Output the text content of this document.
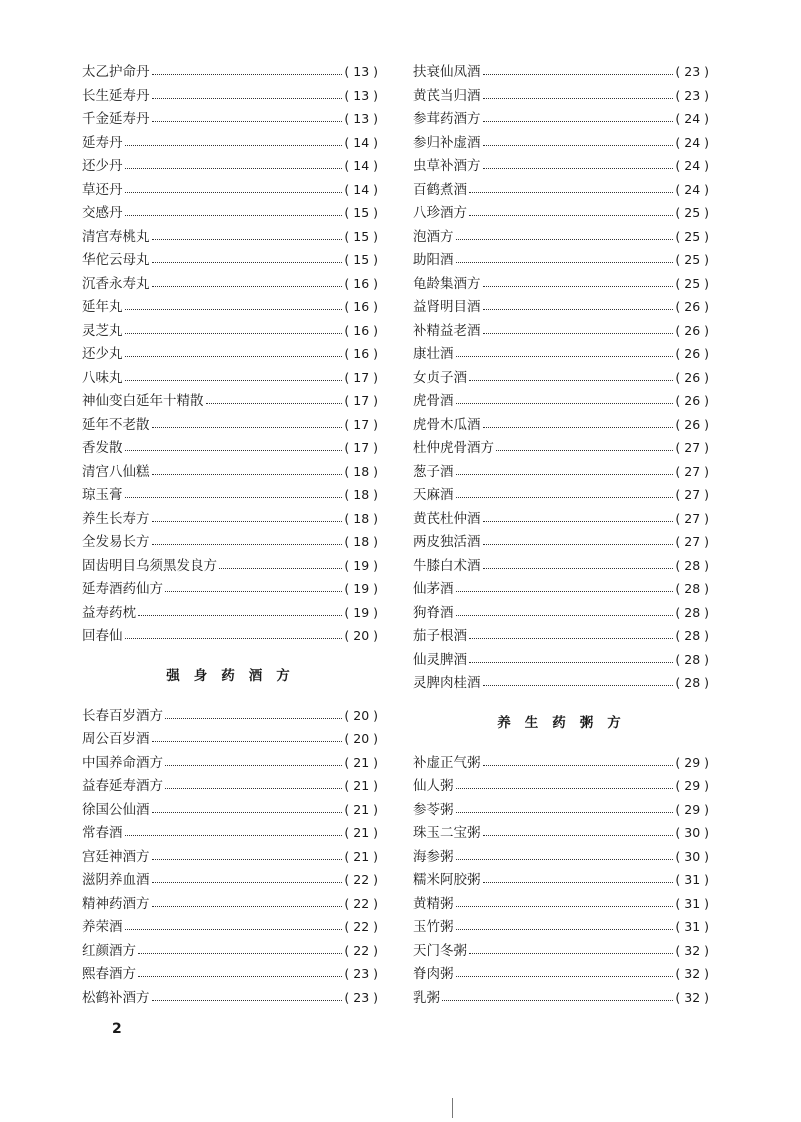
太乙护命丹	( 13 )
长生延寿丹	( 13 )
千金延寿丹	( 13 )
延寿丹	( 14 )
还少丹	( 14 )
草还丹	( 14 )
交感丹	( 15 )
清宫寿桃丸	( 15 )
华佗云母丸	( 15 )
沉香永寿丸	( 16 )
延年丸	( 16 )
灵芝丸	( 16 )
还少丸	( 16 )
八味丸	( 17 )
神仙变白延年十精散	( 17 )
延年不老散	( 17 )
香发散	( 17 )
清宫八仙糕	( 18 )
琼玉膏	( 18 )
养生长寿方	( 18 )
全发易长方	( 18 )
固齿明目乌须黑发良方	( 19 )
延寿酒药仙方	( 19 )
益寿药枕	( 19 )
回春仙	( 20 )
强身药酒方
长春百岁酒方	( 20 )
周公百岁酒	( 20 )
中国养命酒方	( 21 )
益春延寿酒方	( 21 )
徐国公仙酒	( 21 )
常春酒	( 21 )
宫廷神酒方	( 21 )
滋阴养血酒	( 22 )
精神药酒方	( 22 )
养荣酒	( 22 )
红颜酒方	( 22 )
熙春酒方	( 23 )
松鹤补酒方	( 23 )
扶衰仙凤酒	( 23 )
黄芪当归酒	( 23 )
参茸药酒方	( 24 )
参归补虚酒	( 24 )
虫草补酒方	( 24 )
百鹤煮酒	( 24 )
八珍酒方	( 25 )
泡酒方	( 25 )
助阳酒	( 25 )
龟龄集酒方	( 25 )
益肾明目酒	( 26 )
补精益老酒	( 26 )
康壮酒	( 26 )
女贞子酒	( 26 )
虎骨酒	( 26 )
虎骨木瓜酒	( 26 )
杜仲虎骨酒方	( 27 )
葱子酒	( 27 )
天麻酒	( 27 )
黄芪杜仲酒	( 27 )
两皮独活酒	( 27 )
牛膝白术酒	( 28 )
仙茅酒	( 28 )
狗脊酒	( 28 )
茄子根酒	( 28 )
仙灵脾酒	( 28 )
灵脾肉桂酒	( 28 )
养生药粥方
补虚正气粥	( 29 )
仙人粥	( 29 )
参苓粥	( 29 )
珠玉二宝粥	( 30 )
海参粥	( 30 )
糯米阿胶粥	( 31 )
黄精粥	( 31 )
玉竹粥	( 31 )
天门冬粥	( 32 )
脊肉粥	( 32 )
乳粥	( 32 )
2
